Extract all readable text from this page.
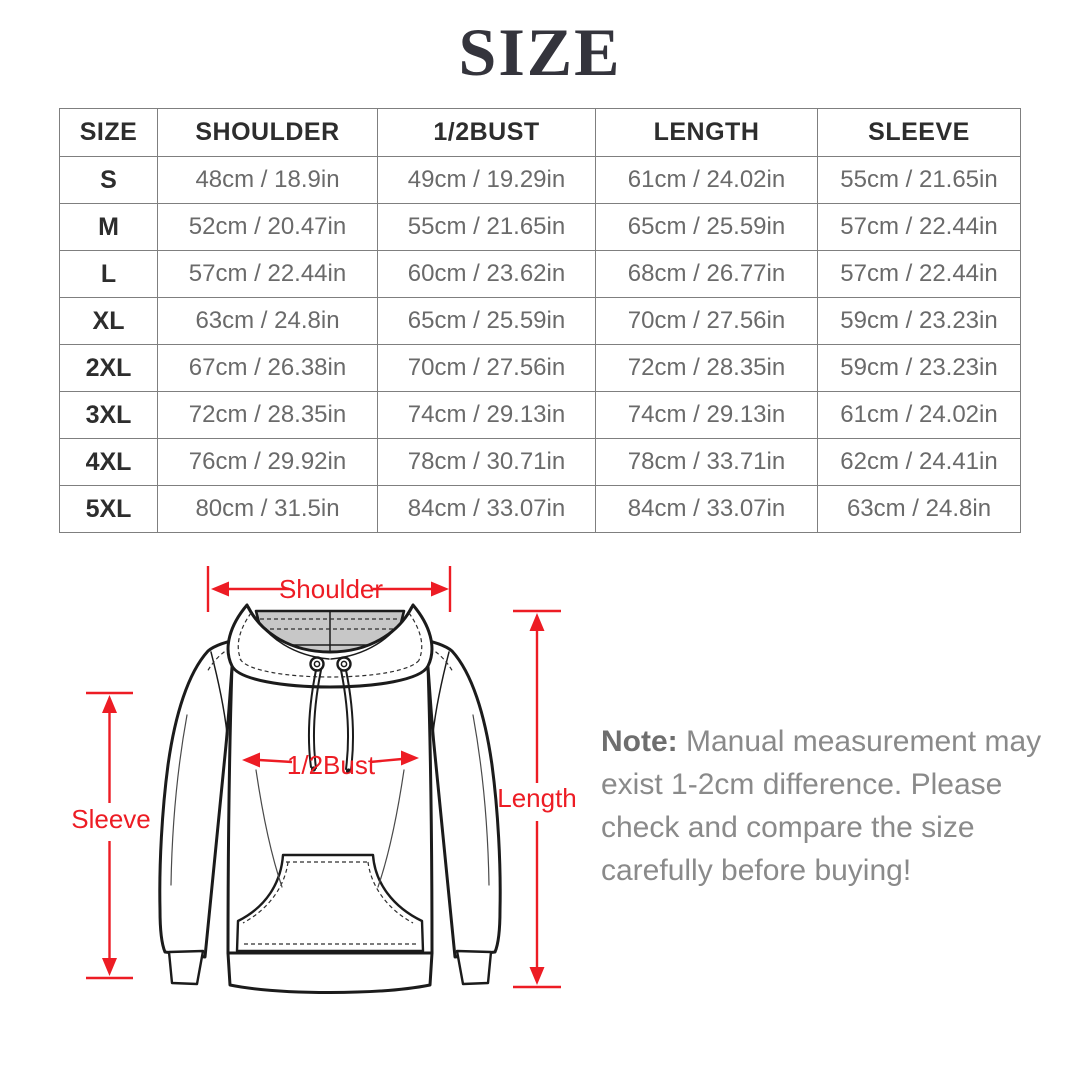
SIZE
SIZE	SHOULDER	1/2BUST	LENGTH	SLEEVE
S	48cm / 18.9in	49cm / 19.29in	61cm / 24.02in	55cm / 21.65in
M	52cm / 20.47in	55cm / 21.65in	65cm / 25.59in	57cm / 22.44in
L	57cm / 22.44in	60cm / 23.62in	68cm / 26.77in	57cm / 22.44in
XL	63cm / 24.8in	65cm / 25.59in	70cm / 27.56in	59cm / 23.23in
2XL	67cm / 26.38in	70cm / 27.56in	72cm / 28.35in	59cm / 23.23in
3XL	72cm / 28.35in	74cm / 29.13in	74cm / 29.13in	61cm / 24.02in
4XL	76cm / 29.92in	78cm / 30.71in	78cm / 33.71in	62cm / 24.41in
5XL	80cm / 31.5in	84cm / 33.07in	84cm / 33.07in	63cm / 24.8in
Shoulder
Sleeve
Length
1/2Bust

Note: Manual measurement may exist 1-2cm difference. Please check and compare the size carefully before buying!
